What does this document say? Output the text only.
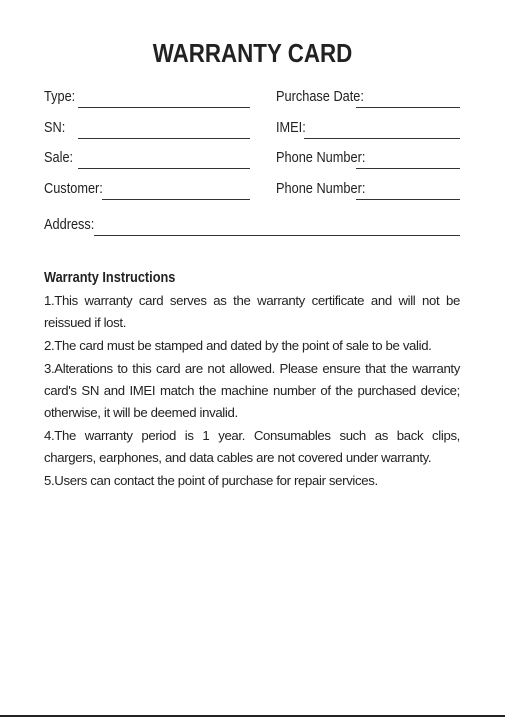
WARRANTY CARD
Type:	Purchase Date:
SN:	IMEI:
Sale:	Phone Number:
Customer:	Phone Number:
Address:
Warranty Instructions
1.This warranty card serves as the warranty certificate and will not be reissued if lost.
2.The card must be stamped and dated by the point of sale to be valid.
3.Alterations to this card are not allowed. Please ensure that the warranty card's SN and IMEI match the machine number of the purchased device; otherwise, it will be deemed invalid.
4.The warranty period is 1 year. Consumables such as back clips, chargers, earphones, and data cables are not covered under warranty.
5.Users can contact the point of purchase for repair services.
